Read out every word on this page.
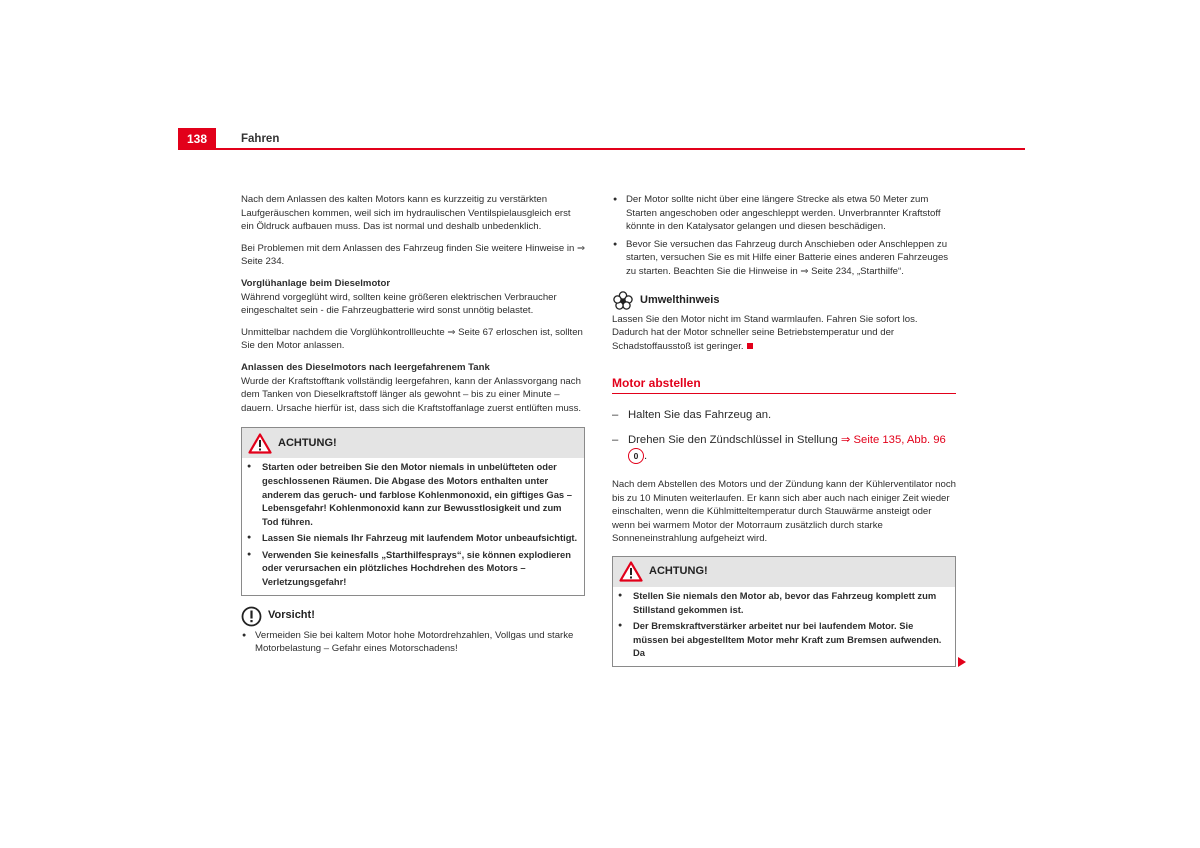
138	Fahren

Nach dem Anlassen des kalten Motors kann es kurzzeitig zu verstärkten Laufgeräuschen kommen, weil sich im hydraulischen Ventilspielausgleich erst ein Öldruck aufbauen muss. Das ist normal und deshalb unbedenklich.

Bei Problemen mit dem Anlassen des Fahrzeug finden Sie weitere Hinweise in ⇒ Seite 234.

Vorglühanlage beim Dieselmotor

Während vorgeglüht wird, sollten keine größeren elektrischen Verbraucher eingeschaltet sein - die Fahrzeugbatterie wird sonst unnötig belastet.

Unmittelbar nachdem die Vorglühkontrollleuchte ⇒ Seite 67 erloschen ist, sollten Sie den Motor anlassen.

Anlassen des Dieselmotors nach leergefahrenem Tank

Wurde der Kraftstofftank vollständig leergefahren, kann der Anlassvorgang nach dem Tanken von Dieselkraftstoff länger als gewohnt – bis zu einer Minute – dauern. Ursache hierfür ist, dass sich die Kraftstoffanlage zuerst entlüften muss.

ACHTUNG!
● Starten oder betreiben Sie den Motor niemals in unbelüfteten oder geschlossenen Räumen. Die Abgase des Motors enthalten unter anderem das geruch- und farblose Kohlenmonoxid, ein giftiges Gas – Lebensgefahr! Kohlenmonoxid kann zur Bewusstlosigkeit und zum Tod führen.
● Lassen Sie niemals Ihr Fahrzeug mit laufendem Motor unbeaufsichtigt.
● Verwenden Sie keinesfalls „Starthilfesprays“, sie können explodieren oder verursachen ein plötzliches Hochdrehen des Motors – Verletzungsgefahr!
Vorsicht!
● Vermeiden Sie bei kaltem Motor hohe Motordrehzahlen, Vollgas und starke Motorbelastung – Gefahr eines Motorschadens!
● Der Motor sollte nicht über eine längere Strecke als etwa 50 Meter zum Starten angeschoben oder angeschleppt werden. Unverbrannter Kraftstoff könnte in den Katalysator gelangen und diesen beschädigen.
● Bevor Sie versuchen das Fahrzeug durch Anschieben oder Anschleppen zu starten, versuchen Sie es mit Hilfe einer Batterie eines anderen Fahrzeuges zu starten. Beachten Sie die Hinweise in ⇒ Seite 234, „Starthilfe“.
Umwelthinweis

Lassen Sie den Motor nicht im Stand warmlaufen. Fahren Sie sofort los. Dadurch hat der Motor schneller seine Betriebstemperatur und der Schadstoffausstoß ist geringer.

Motor abstellen
– Halten Sie das Fahrzeug an.
– Drehen Sie den Zündschlüssel in Stellung ⇒ Seite 135, Abb. 96
0 .

Nach dem Abstellen des Motors und der Zündung kann der Kühlerventilator noch bis zu 10 Minuten weiterlaufen. Er kann sich aber auch nach einiger Zeit wieder einschalten, wenn die Kühlmitteltemperatur durch Stauwärme ansteigt oder wenn bei warmem Motor der Motorraum zusätzlich durch starke Sonneneinstrahlung aufgeheizt wird.

ACHTUNG!
● Stellen Sie niemals den Motor ab, bevor das Fahrzeug komplett zum Stillstand gekommen ist.
● Der Bremskraftverstärker arbeitet nur bei laufendem Motor. Sie müssen bei abgestelltem Motor mehr Kraft zum Bremsen aufwenden. Da
